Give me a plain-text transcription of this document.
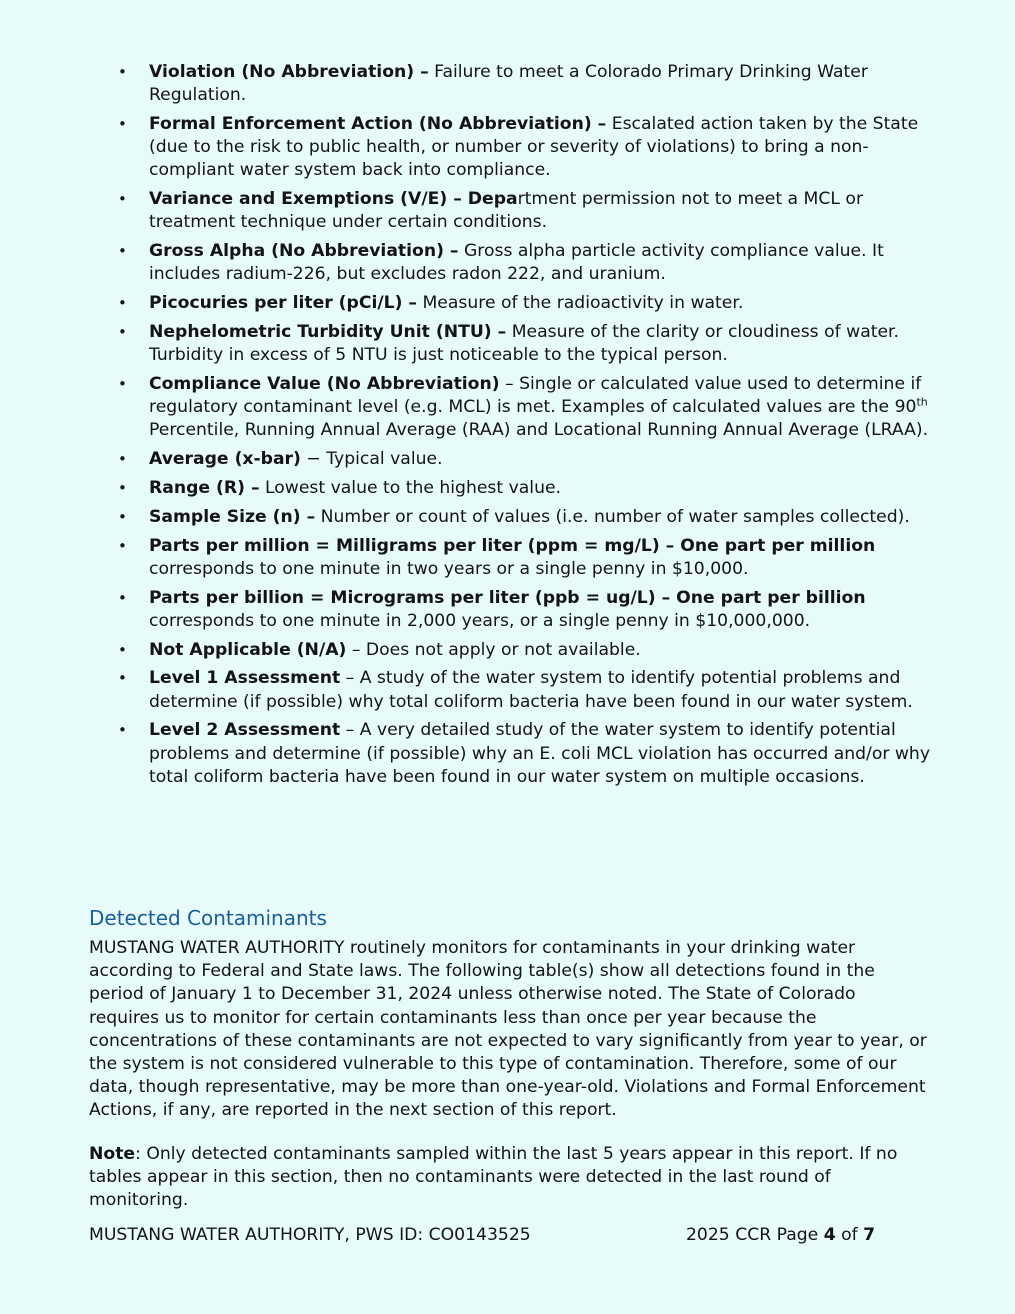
• Violation (No Abbreviation) – Failure to meet a Colorado Primary Drinking Water Regulation.
• Formal Enforcement Action (No Abbreviation) – Escalated action taken by the State (due to the risk to public health, or number or severity of violations) to bring a non-compliant water system back into compliance.
• Variance and Exemptions (V/E) – Department permission not to meet a MCL or treatment technique under certain conditions.
• Gross Alpha (No Abbreviation) – Gross alpha particle activity compliance value. It includes radium-226, but excludes radon 222, and uranium.
• Picocuries per liter (pCi/L) – Measure of the radioactivity in water.
• Nephelometric Turbidity Unit (NTU) – Measure of the clarity or cloudiness of water. Turbidity in excess of 5 NTU is just noticeable to the typical person.
• Compliance Value (No Abbreviation) – Single or calculated value used to determine if regulatory contaminant level (e.g. MCL) is met. Examples of calculated values are the 90th Percentile, Running Annual Average (RAA) and Locational Running Annual Average (LRAA).
• Average (x-bar) − Typical value.
• Range (R) – Lowest value to the highest value.
• Sample Size (n) – Number or count of values (i.e. number of water samples collected).
• Parts per million = Milligrams per liter (ppm = mg/L) – One part per million corresponds to one minute in two years or a single penny in $10,000.
• Parts per billion = Micrograms per liter (ppb = ug/L) – One part per billion corresponds to one minute in 2,000 years, or a single penny in $10,000,000.
• Not Applicable (N/A) – Does not apply or not available.
• Level 1 Assessment – A study of the water system to identify potential problems and determine (if possible) why total coliform bacteria have been found in our water system.
• Level 2 Assessment – A very detailed study of the water system to identify potential problems and determine (if possible) why an E. coli MCL violation has occurred and/or why total coliform bacteria have been found in our water system on multiple occasions.
Detected Contaminants

MUSTANG WATER AUTHORITY routinely monitors for contaminants in your drinking water according to Federal and State laws. The following table(s) show all detections found in the period of January 1 to December 31, 2024 unless otherwise noted. The State of Colorado requires us to monitor for certain contaminants less than once per year because the concentrations of these contaminants are not expected to vary significantly from year to year, or the system is not considered vulnerable to this type of contamination. Therefore, some of our data, though representative, may be more than one-year-old. Violations and Formal Enforcement Actions, if any, are reported in the next section of this report.

Note: Only detected contaminants sampled within the last 5 years appear in this report. If no tables appear in this section, then no contaminants were detected in the last round of monitoring.

MUSTANG WATER AUTHORITY, PWS ID: CO0143525	2025 CCR Page 4 of 7
